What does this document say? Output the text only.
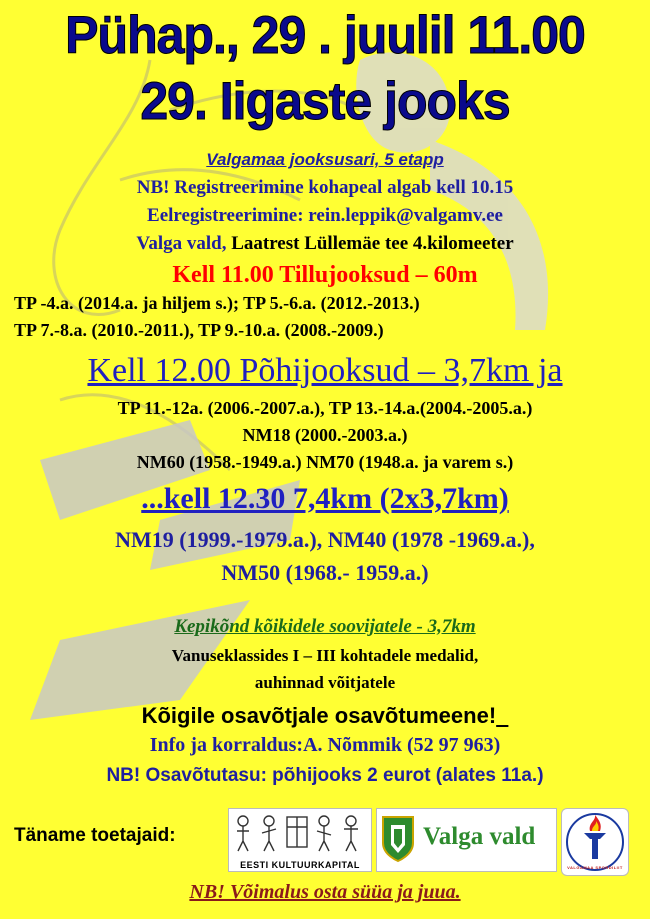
Pühap., 29 . juulil 11.00
29. Iigaste jooks
Valgamaa jooksusari, 5 etapp
NB! Registreerimine kohapeal algab kell 10.15
Eelregistreerimine: rein.leppik@valgamv.ee
Valga vald, Laatrest Lüllemäe tee 4.kilomeeter
Kell 11.00 Tillujooksud – 60m
TP -4.a. (2014.a. ja hiljem s.); TP 5.-6.a. (2012.-2013.)
TP 7.-8.a. (2010.-2011.), TP 9.-10.a. (2008.-2009.)
Kell 12.00 Põhijooksud – 3,7km ja
TP 11.-12a. (2006.-2007.a.), TP 13.-14.a.(2004.-2005.a.)
NM18 (2000.-2003.a.)
NM60 (1958.-1949.a.) NM70 (1948.a. ja varem s.)
...kell 12.30 7,4km (2x3,7km)
NM19 (1999.-1979.a.), NM40 (1978 -1969.a.),
NM50 (1968.- 1959.a.)
Kepikõnd kõikidele soovijatele - 3,7km
Vanuseklassides I – III kohtadele medalid,
auhinnad võitjatele
Kõigile osavõtjale osavõtumeene!
Info ja korraldus:A. Nõmmik (52 97 963)
NB! Osavõtutasu: põhijooks 2 eurot (alates 11a.)
Täname toetajaid:
EESTI KULTUURKAPITAL
Valga vald
VALGAMAA SPORDILIIT
NB! Võimalus osta süüa ja juua.
